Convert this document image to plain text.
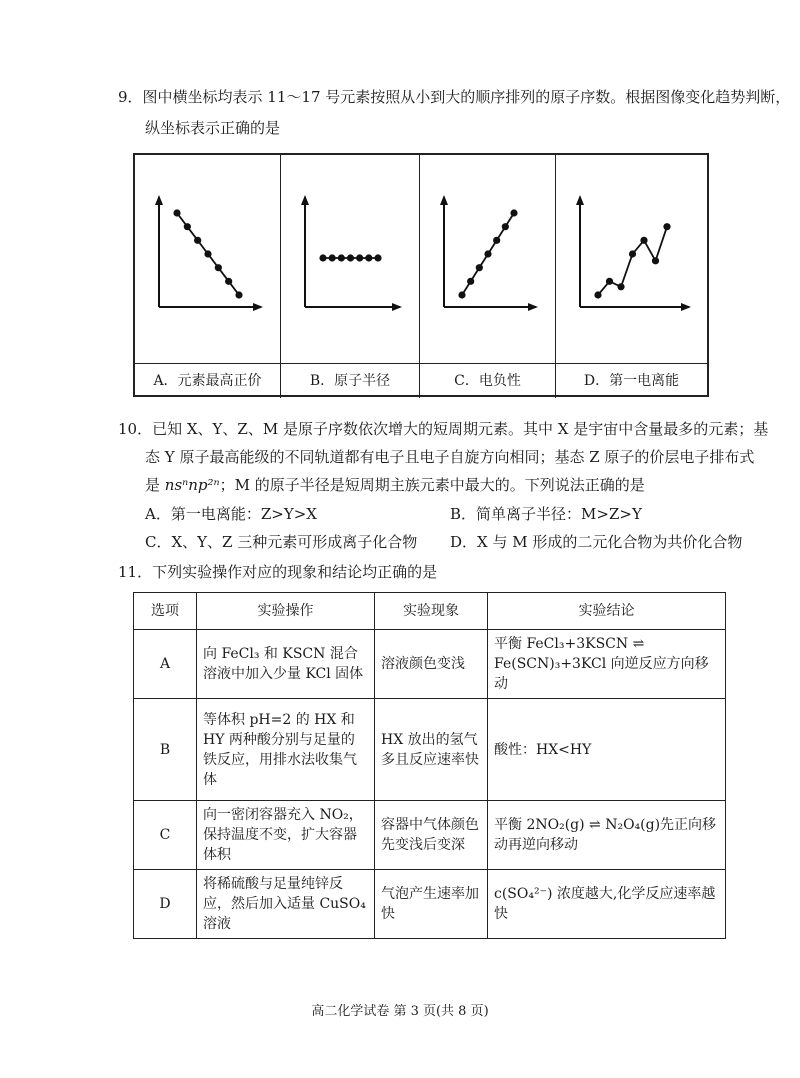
9．图中横坐标均表示 11～17 号元素按照从小到大的顺序排列的原子序数。根据图像变化趋势判断，
纵坐标表示正确的是
A．元素最高正价	B．原子半径	C．电负性	D．第一电离能
10．已知 X、Y、Z、M 是原子序数依次增大的短周期元素。其中 X 是宇宙中含量最多的元素；基
态 Y 原子最高能级的不同轨道都有电子且电子自旋方向相同；基态 Z 原子的价层电子排布式
是 nsⁿnp²ⁿ；M 的原子半径是短周期主族元素中最大的。下列说法正确的是
A．第一电离能：Z>Y>X	B．简单离子半径：M>Z>Y
C．X、Y、Z 三种元素可形成离子化合物 D．X 与 M 形成的二元化合物为共价化合物
11．下列实验操作对应的现象和结论均正确的是
选项	实验操作	实验现象	实验结论
A	向 FeCl₃ 和 KSCN 混合溶液中加入少量 KCl 固体	溶液颜色变浅	平衡 FeCl₃+3KSCN ⇌ Fe(SCN)₃+3KCl 向逆反应方向移动
B	等体积 pH=2 的 HX 和 HY 两种酸分别与足量的铁反应，用排水法收集气体	HX 放出的氢气多且反应速率快	酸性：HX<HY
C	向一密闭容器充入 NO₂，保持温度不变，扩大容器体积	容器中气体颜色先变浅后变深	平衡 2NO₂(g) ⇌ N₂O₄(g)先正向移动再逆向移动
D	将稀硫酸与足量纯锌反应，然后加入适量 CuSO₄ 溶液	气泡产生速率加快	c(SO₄²⁻) 浓度越大,化学反应速率越快
高二化学试卷 第 3 页(共 8 页)
